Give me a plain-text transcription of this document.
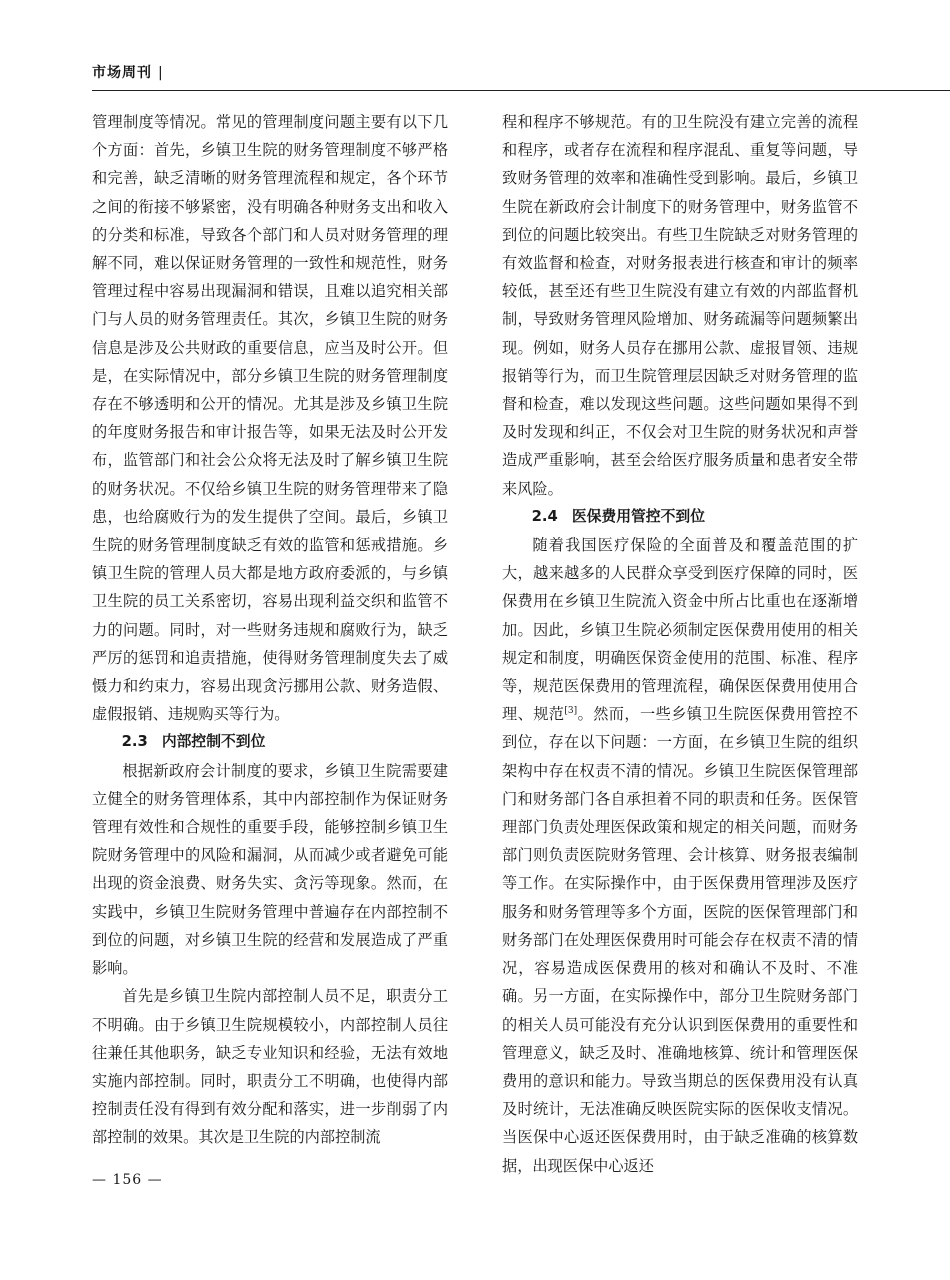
市场周刊 |

管理制度等情况。常见的管理制度问题主要有以下几个方面：首先，乡镇卫生院的财务管理制度不够严格和完善，缺乏清晰的财务管理流程和规定，各个环节之间的衔接不够紧密，没有明确各种财务支出和收入的分类和标准，导致各个部门和人员对财务管理的理解不同，难以保证财务管理的一致性和规范性，财务管理过程中容易出现漏洞和错误，且难以追究相关部门与人员的财务管理责任。其次，乡镇卫生院的财务信息是涉及公共财政的重要信息，应当及时公开。但是，在实际情况中，部分乡镇卫生院的财务管理制度存在不够透明和公开的情况。尤其是涉及乡镇卫生院的年度财务报告和审计报告等，如果无法及时公开发布，监管部门和社会公众将无法及时了解乡镇卫生院的财务状况。不仅给乡镇卫生院的财务管理带来了隐患，也给腐败行为的发生提供了空间。最后，乡镇卫生院的财务管理制度缺乏有效的监管和惩戒措施。乡镇卫生院的管理人员大都是地方政府委派的，与乡镇卫生院的员工关系密切，容易出现利益交织和监管不力的问题。同时，对一些财务违规和腐败行为，缺乏严厉的惩罚和追责措施，使得财务管理制度失去了威慑力和约束力，容易出现贪污挪用公款、财务造假、虚假报销、违规购买等行为。

2.3 内部控制不到位

根据新政府会计制度的要求，乡镇卫生院需要建立健全的财务管理体系，其中内部控制作为保证财务管理有效性和合规性的重要手段，能够控制乡镇卫生院财务管理中的风险和漏洞，从而减少或者避免可能出现的资金浪费、财务失实、贪污等现象。然而，在实践中，乡镇卫生院财务管理中普遍存在内部控制不到位的问题，对乡镇卫生院的经营和发展造成了严重影响。

首先是乡镇卫生院内部控制人员不足，职责分工不明确。由于乡镇卫生院规模较小，内部控制人员往往兼任其他职务，缺乏专业知识和经验，无法有效地实施内部控制。同时，职责分工不明确，也使得内部控制责任没有得到有效分配和落实，进一步削弱了内部控制的效果。其次是卫生院的内部控制流

程和程序不够规范。有的卫生院没有建立完善的流程和程序，或者存在流程和程序混乱、重复等问题，导致财务管理的效率和准确性受到影响。最后，乡镇卫生院在新政府会计制度下的财务管理中，财务监管不到位的问题比较突出。有些卫生院缺乏对财务管理的有效监督和检查，对财务报表进行核查和审计的频率较低，甚至还有些卫生院没有建立有效的内部监督机制，导致财务管理风险增加、财务疏漏等问题频繁出现。例如，财务人员存在挪用公款、虚报冒领、违规报销等行为，而卫生院管理层因缺乏对财务管理的监督和检查，难以发现这些问题。这些问题如果得不到及时发现和纠正，不仅会对卫生院的财务状况和声誉造成严重影响，甚至会给医疗服务质量和患者安全带来风险。

2.4 医保费用管控不到位

随着我国医疗保险的全面普及和覆盖范围的扩大，越来越多的人民群众享受到医疗保障的同时，医保费用在乡镇卫生院流入资金中所占比重也在逐渐增加。因此，乡镇卫生院必须制定医保费用使用的相关规定和制度，明确医保资金使用的范围、标准、程序等，规范医保费用的管理流程，确保医保费用使用合理、规范[3]。然而，一些乡镇卫生院医保费用管控不到位，存在以下问题：一方面，在乡镇卫生院的组织架构中存在权责不清的情况。乡镇卫生院医保管理部门和财务部门各自承担着不同的职责和任务。医保管理部门负责处理医保政策和规定的相关问题，而财务部门则负责医院财务管理、会计核算、财务报表编制等工作。在实际操作中，由于医保费用管理涉及医疗服务和财务管理等多个方面，医院的医保管理部门和财务部门在处理医保费用时可能会存在权责不清的情况，容易造成医保费用的核对和确认不及时、不准确。另一方面，在实际操作中，部分卫生院财务部门的相关人员可能没有充分认识到医保费用的重要性和管理意义，缺乏及时、准确地核算、统计和管理医保费用的意识和能力。导致当期总的医保费用没有认真及时统计，无法准确反映医院实际的医保收支情况。当医保中心返还医保费用时，由于缺乏准确的核算数据，出现医保中心返还

— 156 —
